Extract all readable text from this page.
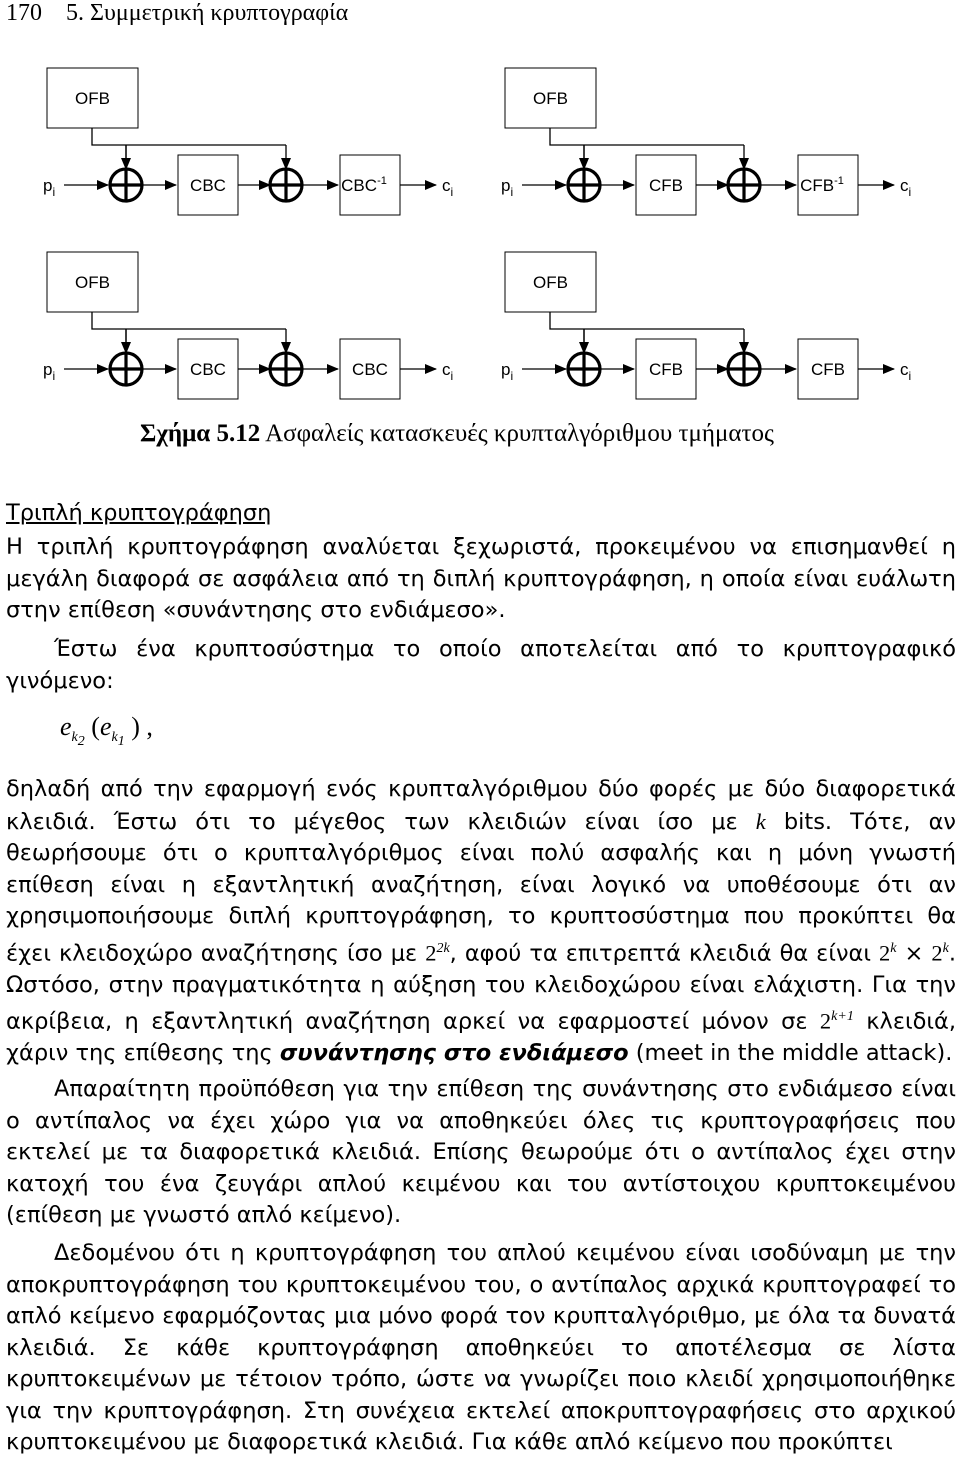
170 5. Συμμετρική κρυπτογραφία
OFB
$p_i$	CBC	$CBC^{-1}$	$c_i$
OFB
$p_i$	CFB	$CFB^{-1}$	$c_i$
OFB
$p_i$	CBC	CBC	$c_i$
OFB
$p_i$	CFB	CFB	$c_i$
Σχήμα 5.12 Ασφαλείς κατασκευές κρυπταλγόριθμου τμήματος
Τριπλή κρυπτογράφηση
Η τριπλή κρυπτογράφηση αναλύεται ξεχωριστά, προκειμένου να επισημανθεί η μεγάλη διαφορά σε ασφάλεια από τη διπλή κρυπτογράφηση, η οποία είναι ευάλωτη στην επίθεση «συνάντησης στο ενδιάμεσο».
Έστω ένα κρυπτοσύστημα το οποίο αποτελείται από το κρυπτογραφικό γινόμενο:
$e_{k_2}$ ($e_{k_1}$ ) ,
δηλαδή από την εφαρμογή ενός κρυπταλγόριθμου δύο φορές με δύο διαφορετικά κλειδιά. Έστω ότι το μέγεθος των κλειδιών είναι ίσο με k bits. Τότε, αν θεωρήσουμε ότι ο κρυπταλγόριθμος είναι πολύ ασφαλής και η μόνη γνωστή επίθεση είναι η εξαντλητική αναζήτηση, είναι λογικό να υποθέσουμε ότι αν χρησιμοποιήσουμε διπλή κρυπτογράφηση, το κρυπτοσύστημα που προκύπτει θα έχει κλειδοχώρο αναζήτησης ίσο με $2^{2k}$, αφού τα επιτρεπτά κλειδιά θα είναι $2^k \times 2^k$. Ωστόσο, στην πραγματικότητα η αύξηση του κλειδοχώρου είναι ελάχιστη. Για την ακρίβεια, η εξαντλητική αναζήτηση αρκεί να εφαρμοστεί μόνον σε $2^{k+1}$ κλειδιά, χάριν της επίθεσης της συνάντησης στο ενδιάμεσο (meet in the middle attack).
Απαραίτητη προϋπόθεση για την επίθεση της συνάντησης στο ενδιάμεσο είναι ο αντίπαλος να έχει χώρο για να αποθηκεύει όλες τις κρυπτογραφήσεις που εκτελεί με τα διαφορετικά κλειδιά. Επίσης θεωρούμε ότι ο αντίπαλος έχει στην κατοχή του ένα ζευγάρι απλού κειμένου και του αντίστοιχου κρυπτοκειμένου (επίθεση με γνωστό απλό κείμενο).
Δεδομένου ότι η κρυπτογράφηση του απλού κειμένου είναι ισοδύναμη με την αποκρυπτογράφηση του κρυπτοκειμένου του, ο αντίπαλος αρχικά κρυπτογραφεί το απλό κείμενο εφαρμόζοντας μια μόνο φορά τον κρυπταλγόριθμο, με όλα τα δυνατά κλειδιά. Σε κάθε κρυπτογράφηση αποθηκεύει το αποτέλεσμα σε λίστα κρυπτοκειμένων με τέτοιον τρόπο, ώστε να γνωρίζει ποιο κλειδί χρησιμοποιήθηκε για την κρυπτογράφηση. Στη συνέχεια εκτελεί αποκρυπτογραφήσεις στο αρχικού κρυπτοκειμένου με διαφορετικά κλειδιά. Για κάθε απλό κείμενο που προκύπτει
